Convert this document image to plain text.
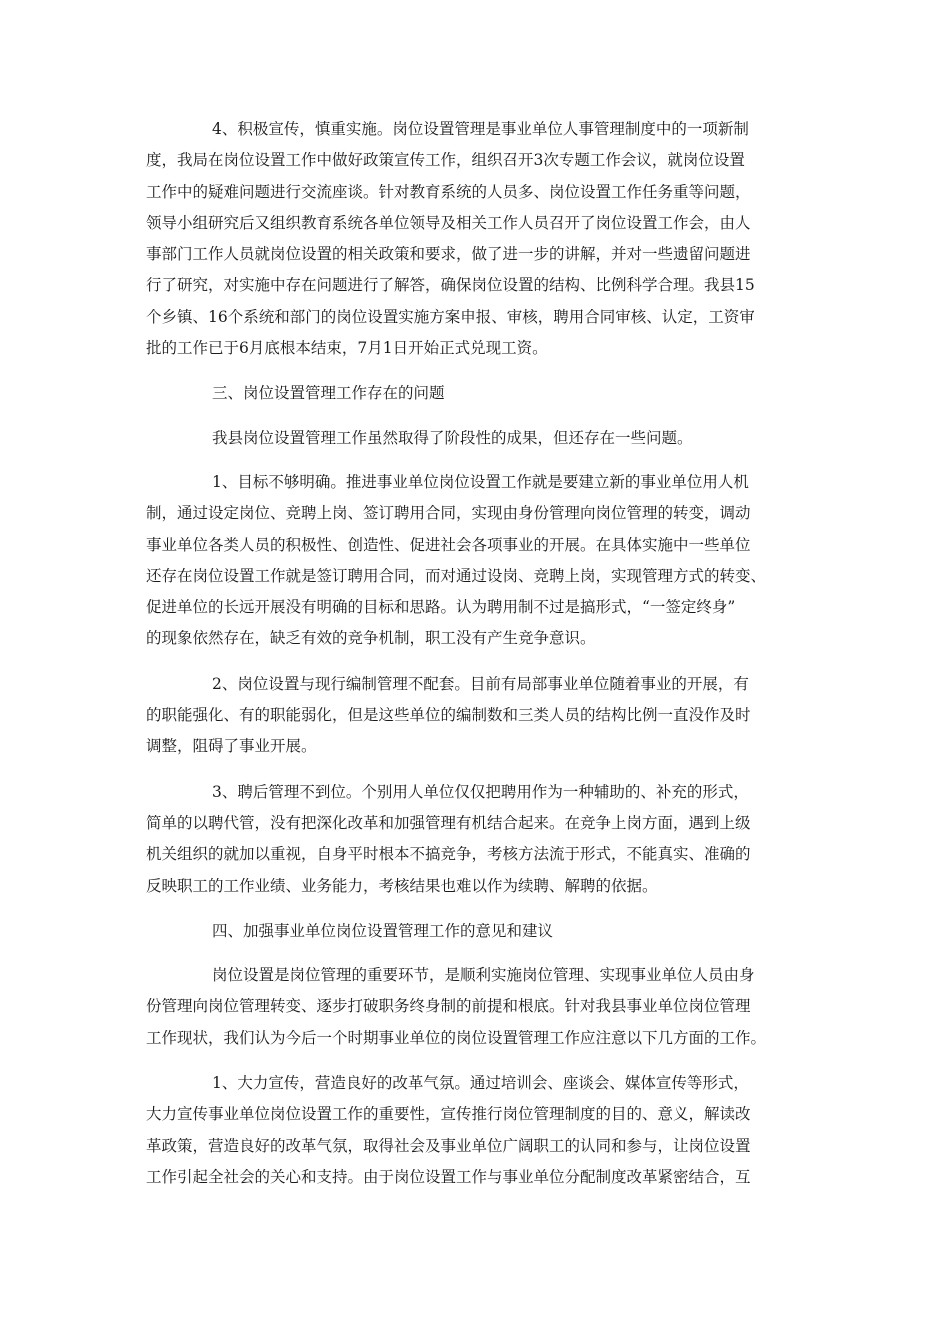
4、积极宣传，慎重实施。岗位设置管理是事业单位人事管理制度中的一项新制
度，我局在岗位设置工作中做好政策宣传工作，组织召开3次专题工作会议，就岗位设置
工作中的疑难问题进行交流座谈。针对教育系统的人员多、岗位设置工作任务重等问题，
领导小组研究后又组织教育系统各单位领导及相关工作人员召开了岗位设置工作会，由人
事部门工作人员就岗位设置的相关政策和要求，做了进一步的讲解，并对一些遗留问题进
行了研究，对实施中存在问题进行了解答，确保岗位设置的结构、比例科学合理。我县15
个乡镇、16个系统和部门的岗位设置实施方案申报、审核，聘用合同审核、认定，工资审
批的工作已于6月底根本结束，7月1日开始正式兑现工资。
三、岗位设置管理工作存在的问题
我县岗位设置管理工作虽然取得了阶段性的成果，但还存在一些问题。
1、目标不够明确。推进事业单位岗位设置工作就是要建立新的事业单位用人机
制，通过设定岗位、竞聘上岗、签订聘用合同，实现由身份管理向岗位管理的转变，调动
事业单位各类人员的积极性、创造性、促进社会各项事业的开展。在具体实施中一些单位
还存在岗位设置工作就是签订聘用合同，而对通过设岗、竞聘上岗，实现管理方式的转变、
促进单位的长远开展没有明确的目标和思路。认为聘用制不过是搞形式，“一签定终身”
的现象依然存在，缺乏有效的竞争机制，职工没有产生竞争意识。
2、岗位设置与现行编制管理不配套。目前有局部事业单位随着事业的开展，有
的职能强化、有的职能弱化，但是这些单位的编制数和三类人员的结构比例一直没作及时
调整，阻碍了事业开展。
3、聘后管理不到位。个别用人单位仅仅把聘用作为一种辅助的、补充的形式，
简单的以聘代管，没有把深化改革和加强管理有机结合起来。在竞争上岗方面，遇到上级
机关组织的就加以重视，自身平时根本不搞竞争，考核方法流于形式，不能真实、准确的
反映职工的工作业绩、业务能力，考核结果也难以作为续聘、解聘的依据。
四、加强事业单位岗位设置管理工作的意见和建议
岗位设置是岗位管理的重要环节，是顺利实施岗位管理、实现事业单位人员由身
份管理向岗位管理转变、逐步打破职务终身制的前提和根底。针对我县事业单位岗位管理
工作现状，我们认为今后一个时期事业单位的岗位设置管理工作应注意以下几方面的工作。
1、大力宣传，营造良好的改革气氛。通过培训会、座谈会、媒体宣传等形式，
大力宣传事业单位岗位设置工作的重要性，宣传推行岗位管理制度的目的、意义，解读改
革政策，营造良好的改革气氛，取得社会及事业单位广阔职工的认同和参与，让岗位设置
工作引起全社会的关心和支持。由于岗位设置工作与事业单位分配制度改革紧密结合，互
